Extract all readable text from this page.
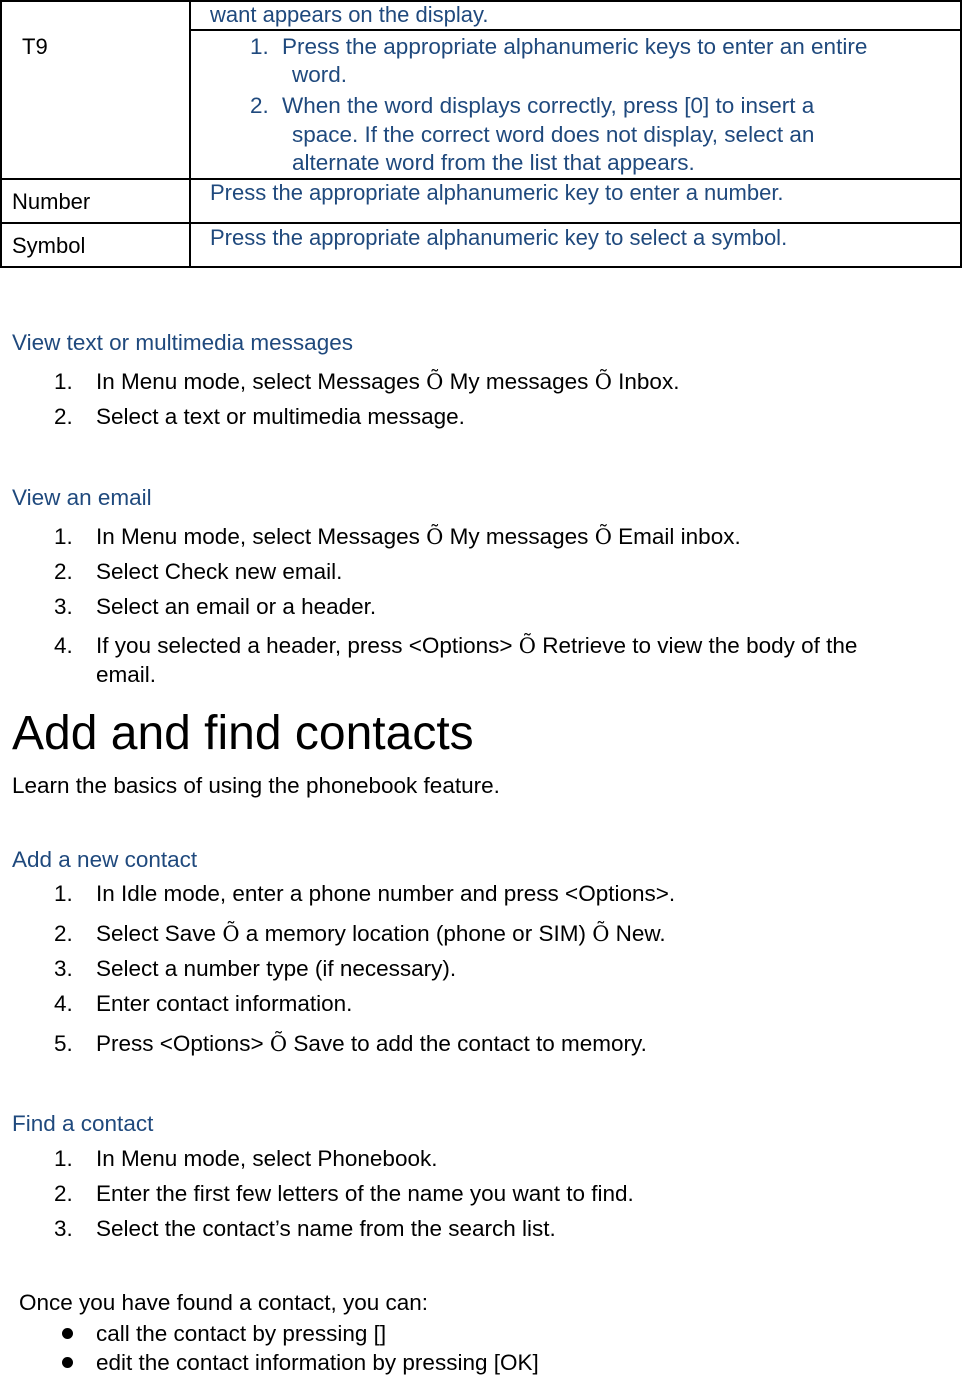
want appears on the display.
T9	1. Press the appropriate alphanumeric keys to enter an entire
word.
2. When the word displays correctly, press [0] to insert a
space. If the correct word does not display, select an
alternate word from the list that appears.
Number	Press the appropriate alphanumeric key to enter a number.
Symbol	Press the appropriate alphanumeric key to select a symbol.
View text or multimedia messages
1. In Menu mode, select Messages Õ My messages Õ Inbox.
2. Select a text or multimedia message.
View an email
1. In Menu mode, select Messages Õ My messages Õ Email inbox.
2. Select Check new email.
3. Select an email or a header.
4. If you selected a header, press <Options> Õ Retrieve to view the body of the
email.
Add and find contacts
Learn the basics of using the phonebook feature.
Add a new contact
1. In Idle mode, enter a phone number and press <Options>.
2. Select Save Õ a memory location (phone or SIM) Õ New.
3. Select a number type (if necessary).
4. Enter contact information.
5. Press <Options> Õ Save to add the contact to memory.
Find a contact
1. In Menu mode, select Phonebook.
2. Enter the first few letters of the name you want to find.
3. Select the contact’s name from the search list.
Once you have found a contact, you can:
call the contact by pressing []
edit the contact information by pressing [OK]
